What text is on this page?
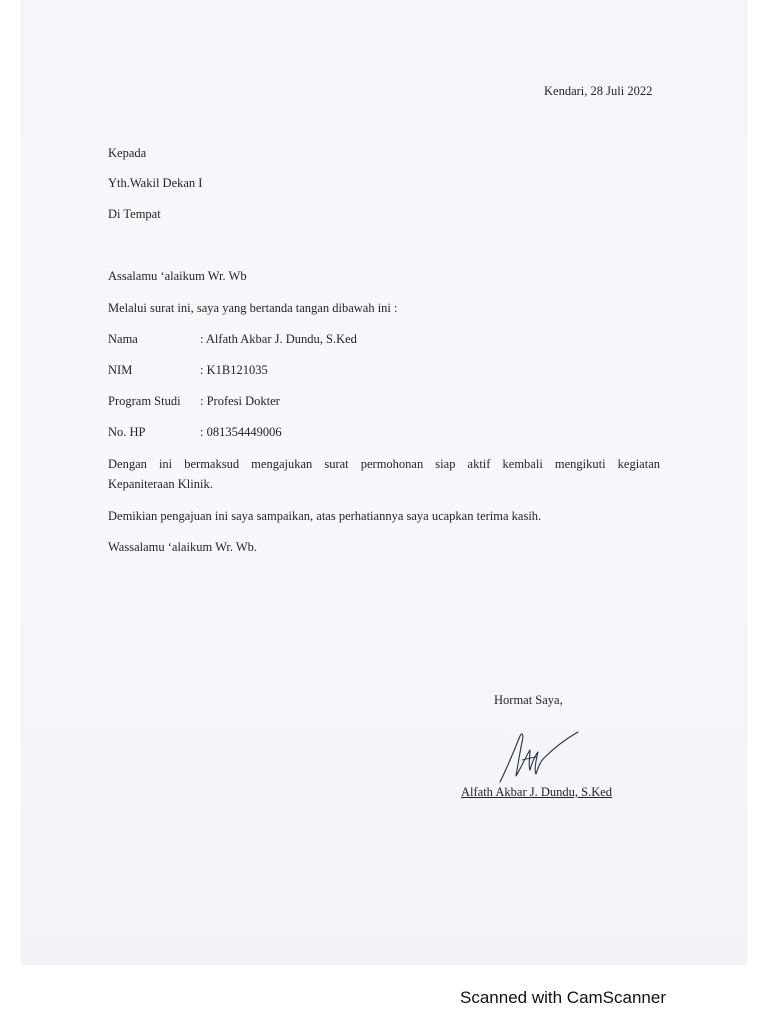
Kendari, 28 Juli 2022
Kepada
Yth.Wakil Dekan I
Di Tempat
Assalamu ‘alaikum Wr. Wb
Melalui surat ini, saya yang bertanda tangan dibawah ini :
Nama	: Alfath Akbar J. Dundu, S.Ked
NIM	: K1B121035
Program Studi : Profesi Dokter
No. HP	: 081354449006
Dengan ini bermaksud mengajukan surat permohonan siap aktif kembali mengikuti kegiatan
Kepaniteraan Klinik.
Demikian pengajuan ini saya sampaikan, atas perhatiannya saya ucapkan terima kasih.
Wassalamu ‘alaikum Wr. Wb.
Hormat Saya,
Alfath Akbar J. Dundu, S.Ked
Scanned with CamScanner
